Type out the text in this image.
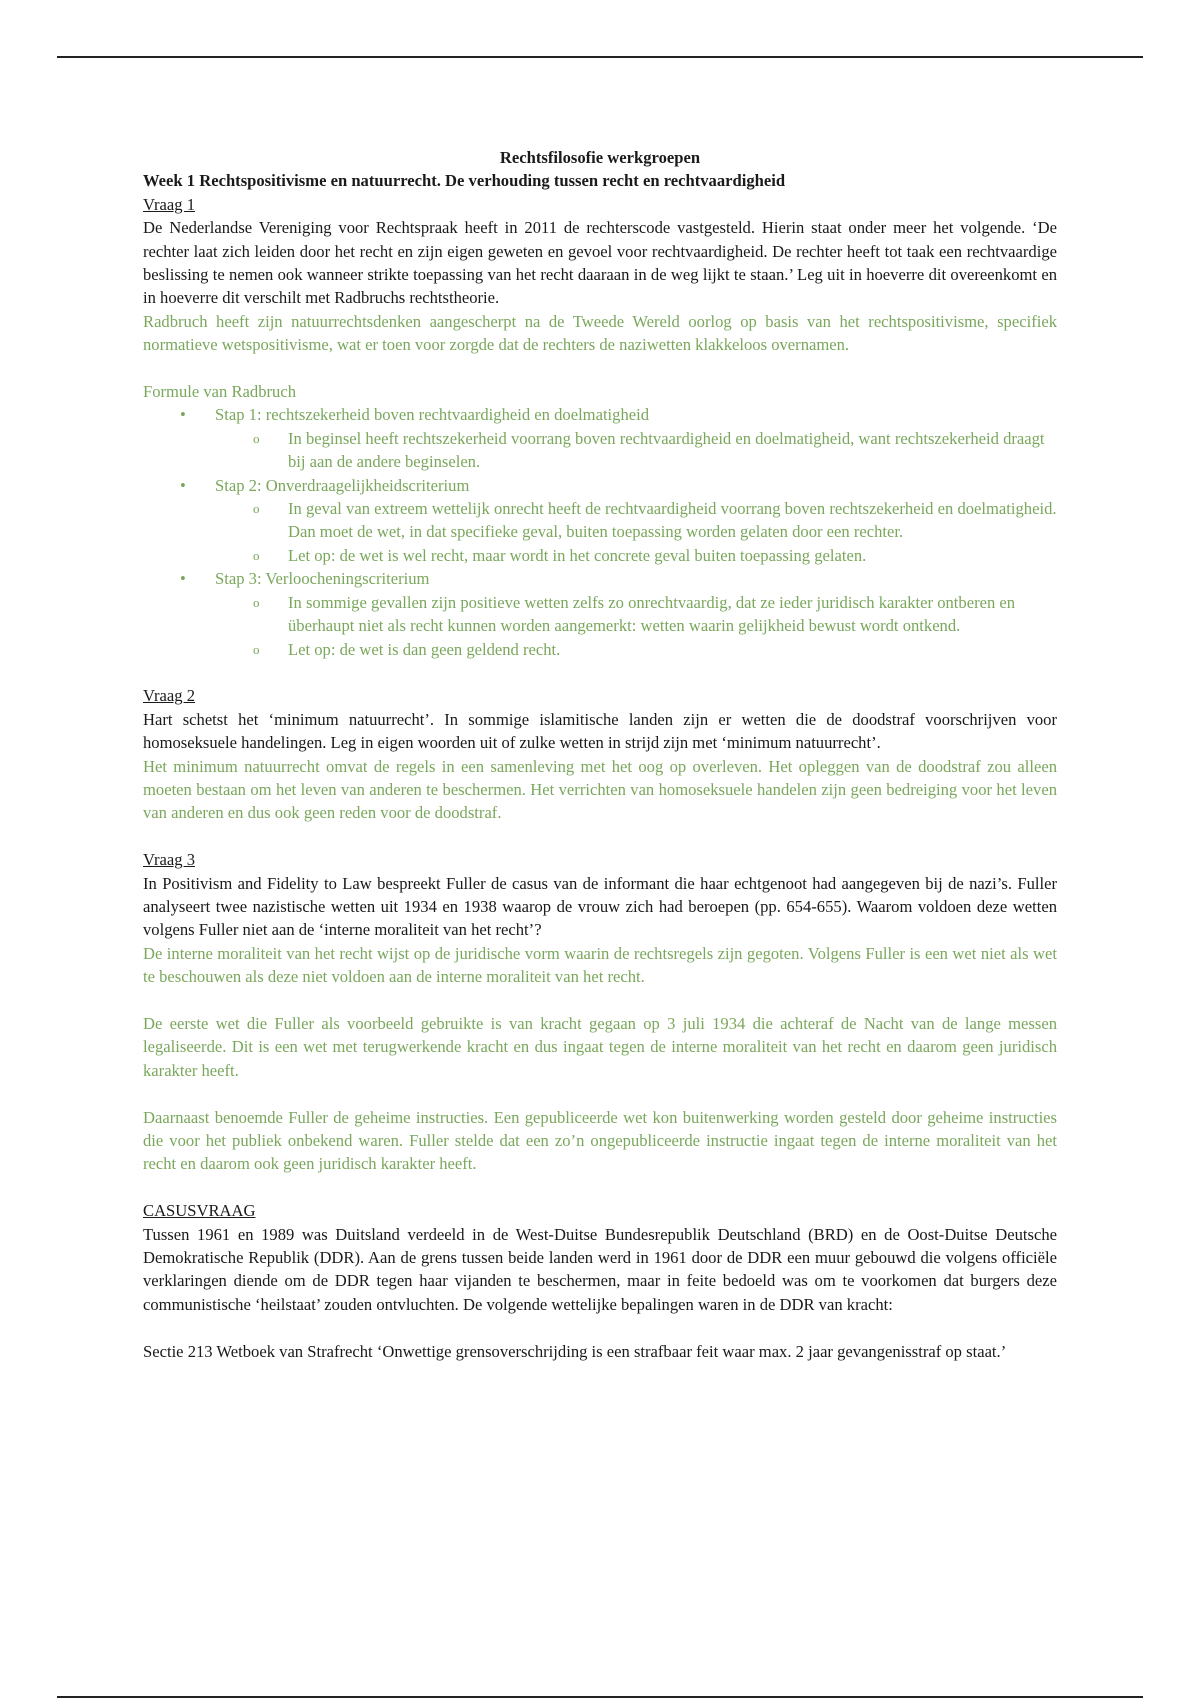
Rechtsfilosofie werkgroepen

Week 1 Rechtspositivisme en natuurrecht. De verhouding tussen recht en rechtvaardigheid

Vraag 1

De Nederlandse Vereniging voor Rechtspraak heeft in 2011 de rechterscode vastgesteld. Hierin staat onder meer het volgende. ‘De rechter laat zich leiden door het recht en zijn eigen geweten en gevoel voor rechtvaardigheid. De rechter heeft tot taak een rechtvaardige beslissing te nemen ook wanneer strikte toepassing van het recht daaraan in de weg lijkt te staan.’ Leg uit in hoeverre dit overeenkomt en in hoeverre dit verschilt met Radbruchs rechtstheorie.

Radbruch heeft zijn natuurrechtsdenken aangescherpt na de Tweede Wereld oorlog op basis van het rechtspositivisme, specifiek normatieve wetspositivisme, wat er toen voor zorgde dat de rechters de naziwetten klakkeloos overnamen.

Formule van Radbruch

• Stap 1: rechtszekerheid boven rechtvaardigheid en doelmatigheid
o In beginsel heeft rechtszekerheid voorrang boven rechtvaardigheid en doelmatigheid, want rechtszekerheid draagt bij aan de andere beginselen.
• Stap 2: Onverdraagelijkheidscriterium
o In geval van extreem wettelijk onrecht heeft de rechtvaardigheid voorrang boven rechtszekerheid en doelmatigheid. Dan moet de wet, in dat specifieke geval, buiten toepassing worden gelaten door een rechter.
o Let op: de wet is wel recht, maar wordt in het concrete geval buiten toepassing gelaten.
• Stap 3: Verloocheningscriterium
o In sommige gevallen zijn positieve wetten zelfs zo onrechtvaardig, dat ze ieder juridisch karakter ontberen en überhaupt niet als recht kunnen worden aangemerkt: wetten waarin gelijkheid bewust wordt ontkend.
o Let op: de wet is dan geen geldend recht.

Vraag 2

Hart schetst het ‘minimum natuurrecht’. In sommige islamitische landen zijn er wetten die de doodstraf voorschrijven voor homoseksuele handelingen. Leg in eigen woorden uit of zulke wetten in strijd zijn met ‘minimum natuurrecht’.

Het minimum natuurrecht omvat de regels in een samenleving met het oog op overleven. Het opleggen van de doodstraf zou alleen moeten bestaan om het leven van anderen te beschermen. Het verrichten van homoseksuele handelen zijn geen bedreiging voor het leven van anderen en dus ook geen reden voor de doodstraf.

Vraag 3

In Positivism and Fidelity to Law bespreekt Fuller de casus van de informant die haar echtgenoot had aangegeven bij de nazi’s. Fuller analyseert twee nazistische wetten uit 1934 en 1938 waarop de vrouw zich had beroepen (pp. 654-655). Waarom voldoen deze wetten volgens Fuller niet aan de ‘interne moraliteit van het recht’?

De interne moraliteit van het recht wijst op de juridische vorm waarin de rechtsregels zijn gegoten. Volgens Fuller is een wet niet als wet te beschouwen als deze niet voldoen aan de interne moraliteit van het recht.

De eerste wet die Fuller als voorbeeld gebruikte is van kracht gegaan op 3 juli 1934 die achteraf de Nacht van de lange messen legaliseerde. Dit is een wet met terugwerkende kracht en dus ingaat tegen de interne moraliteit van het recht en daarom geen juridisch karakter heeft.

Daarnaast benoemde Fuller de geheime instructies. Een gepubliceerde wet kon buitenwerking worden gesteld door geheime instructies die voor het publiek onbekend waren. Fuller stelde dat een zo’n ongepubliceerde instructie ingaat tegen de interne moraliteit van het recht en daarom ook geen juridisch karakter heeft.

CASUSVRAAG

Tussen 1961 en 1989 was Duitsland verdeeld in de West-Duitse Bundesrepublik Deutschland (BRD) en de Oost-Duitse Deutsche Demokratische Republik (DDR). Aan de grens tussen beide landen werd in 1961 door de DDR een muur gebouwd die volgens officiële verklaringen diende om de DDR tegen haar vijanden te beschermen, maar in feite bedoeld was om te voorkomen dat burgers deze communistische ‘heilstaat’ zouden ontvluchten. De volgende wettelijke bepalingen waren in de DDR van kracht:

Sectie 213 Wetboek van Strafrecht ‘Onwettige grensoverschrijding is een strafbaar feit waar max. 2 jaar gevangenisstraf op staat.’
